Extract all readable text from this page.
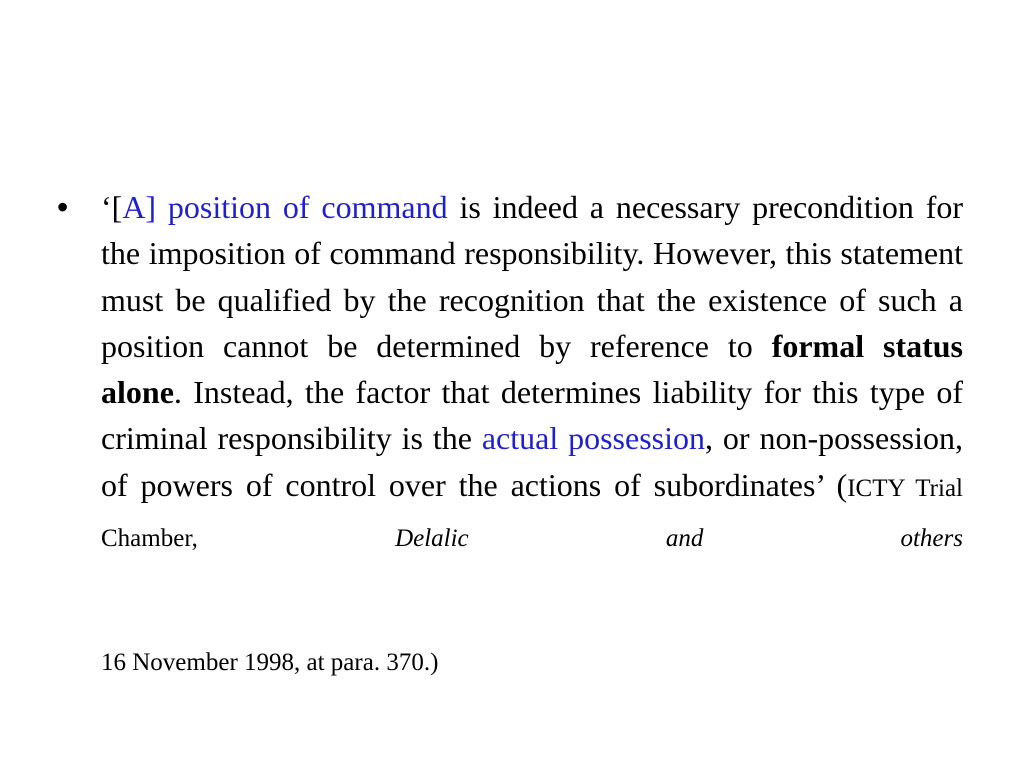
• ‘[A] position of command is indeed a necessary precondition for the imposition of command responsibility. However, this statement must be qualified by the recognition that the existence of such a position cannot be determined by reference to formal status alone. Instead, the factor that determines liability for this type of criminal responsibility is the actual possession, or non-possession, of powers of control over the actions of subordinates’ (ICTY Trial Chamber, Delalic and others
16 November 1998, at para. 370.)
